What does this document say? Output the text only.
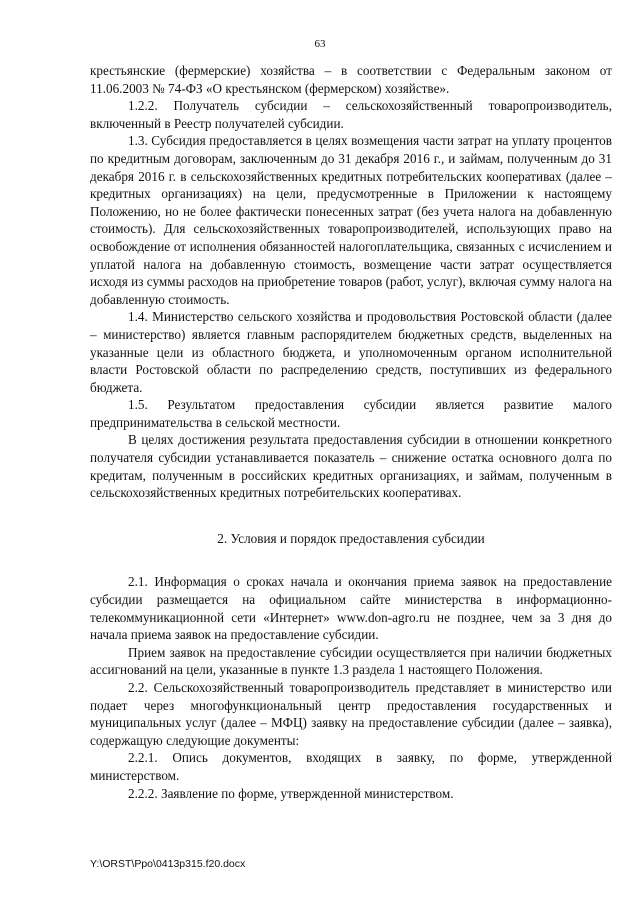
63

крестьянские (фермерские) хозяйства – в соответствии с Федеральным законом от 11.06.2003 № 74-ФЗ «О крестьянском (фермерском) хозяйстве».

1.2.2. Получатель субсидии – сельскохозяйственный товаропроизводитель, включенный в Реестр получателей субсидии.

1.3. Субсидия предоставляется в целях возмещения части затрат на уплату процентов по кредитным договорам, заключенным до 31 декабря 2016 г., и займам, полученным до 31 декабря 2016 г. в сельскохозяйственных кредитных потребительских кооперативах (далее – кредитных организациях) на цели, предусмотренные в Приложении к настоящему Положению, но не более фактически понесенных затрат (без учета налога на добавленную стоимость). Для сельскохозяйственных товаропроизводителей, использующих право на освобождение от исполнения обязанностей налогоплательщика, связанных с исчислением и уплатой налога на добавленную стоимость, возмещение части затрат осуществляется исходя из суммы расходов на приобретение товаров (работ, услуг), включая сумму налога на добавленную стоимость.

1.4. Министерство сельского хозяйства и продовольствия Ростовской области (далее – министерство) является главным распорядителем бюджетных средств, выделенных на указанные цели из областного бюджета, и уполномоченным органом исполнительной власти Ростовской области по распределению средств, поступивших из федерального бюджета.

1.5. Результатом предоставления субсидии является развитие малого предпринимательства в сельской местности.

В целях достижения результата предоставления субсидии в отношении конкретного получателя субсидии устанавливается показатель – снижение остатка основного долга по кредитам, полученным в российских кредитных организациях, и займам, полученным в сельскохозяйственных кредитных потребительских кооперативах.

2. Условия и порядок предоставления субсидии

2.1. Информация о сроках начала и окончания приема заявок на предоставление субсидии размещается на официальном сайте министерства в информационно-телекоммуникационной сети «Интернет» www.don-agro.ru не позднее, чем за 3 дня до начала приема заявок на предоставление субсидии.

Прием заявок на предоставление субсидии осуществляется при наличии бюджетных ассигнований на цели, указанные в пункте 1.3 раздела 1 настоящего Положения.

2.2. Сельскохозяйственный товаропроизводитель представляет в министерство или подает через многофункциональный центр предоставления государственных и муниципальных услуг (далее – МФЦ) заявку на предоставление субсидии (далее – заявка), содержащую следующие документы:

2.2.1. Опись документов, входящих в заявку, по форме, утвержденной министерством.

2.2.2. Заявление по форме, утвержденной министерством.

Y:\ORST\Ppo\0413p315.f20.docx
